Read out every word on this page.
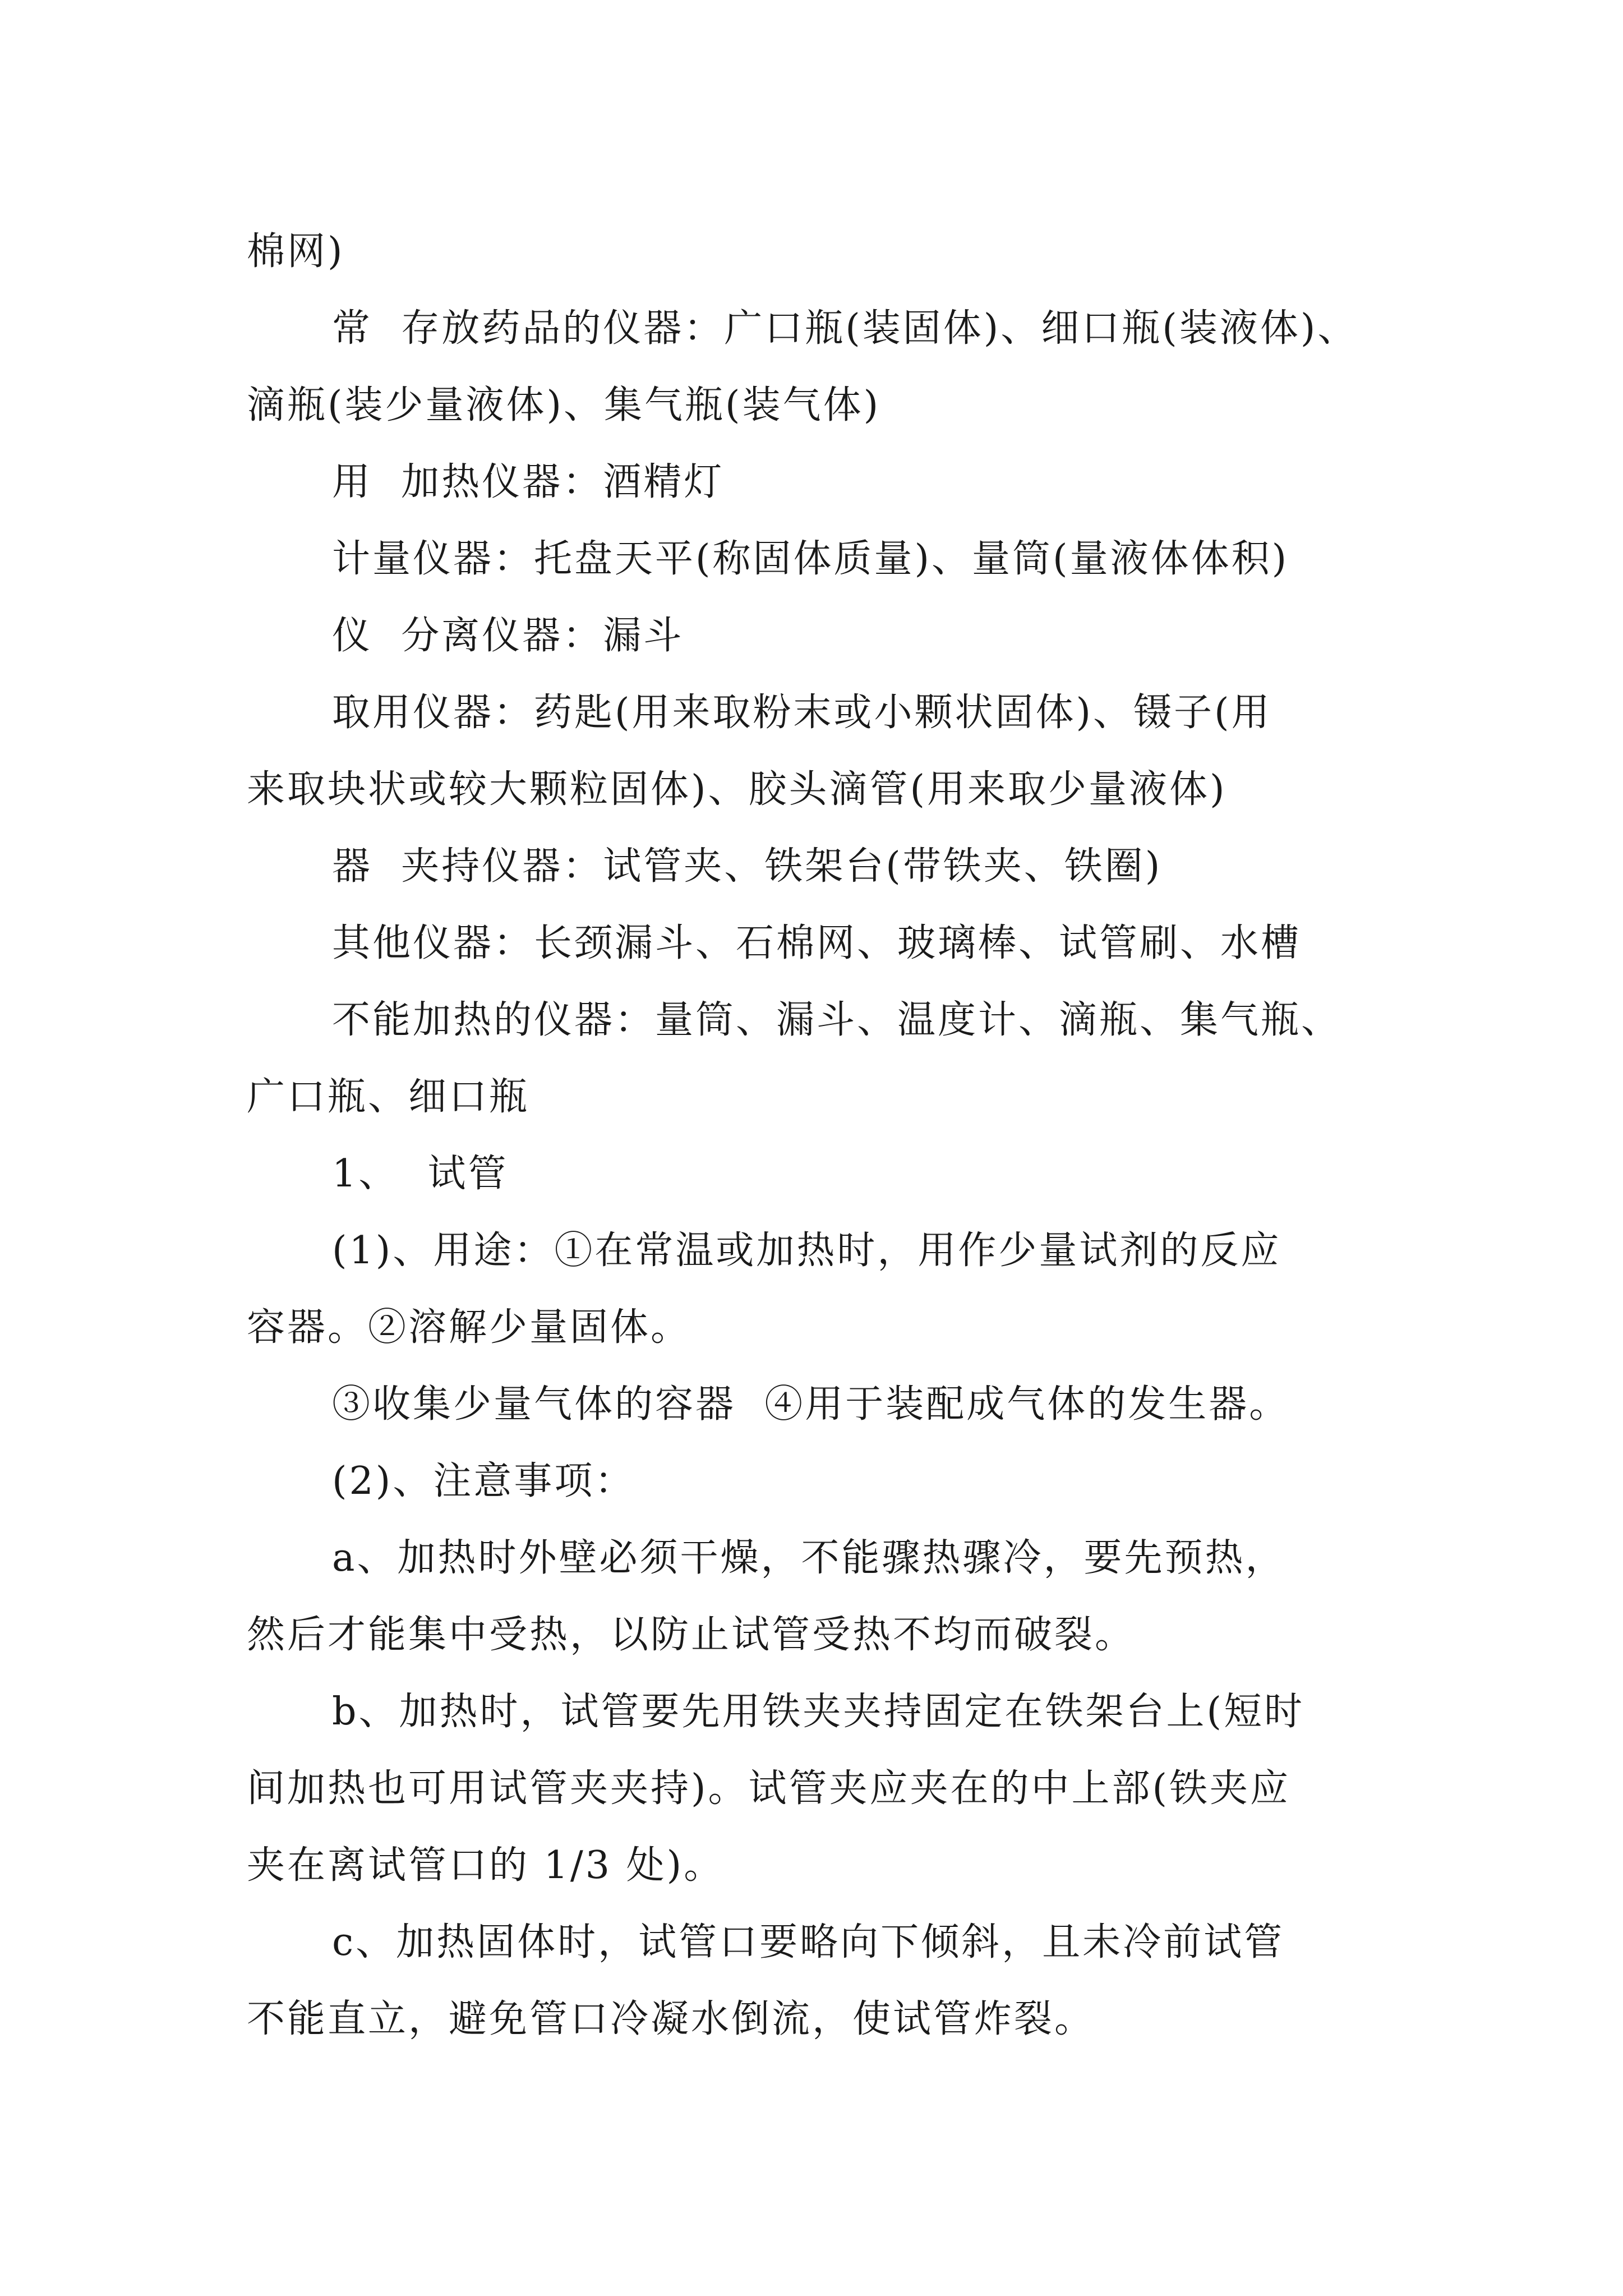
棉网)
常  存放药品的仪器：广口瓶(装固体)、细口瓶(装液体)、
滴瓶(装少量液体)、集气瓶(装气体)
用  加热仪器：酒精灯
计量仪器：托盘天平(称固体质量)、量筒(量液体体积)
仪  分离仪器：漏斗
取用仪器：药匙(用来取粉末或小颗状固体)、镊子(用
来取块状或较大颗粒固体)、胶头滴管(用来取少量液体)
器  夹持仪器：试管夹、铁架台(带铁夹、铁圈)
其他仪器：长颈漏斗、石棉网、玻璃棒、试管刷、水槽
不能加热的仪器：量筒、漏斗、温度计、滴瓶、集气瓶、
广口瓶、细口瓶
1、  试管
(1)、用途：①在常温或加热时，用作少量试剂的反应
容器。②溶解少量固体。
③收集少量气体的容器  ④用于装配成气体的发生器。
(2)、注意事项：
a、加热时外壁必须干燥，不能骤热骤冷，要先预热，
然后才能集中受热，以防止试管受热不均而破裂。
b、加热时，试管要先用铁夹夹持固定在铁架台上(短时
间加热也可用试管夹夹持)。试管夹应夹在的中上部(铁夹应
夹在离试管口的 1/3 处)。
c、加热固体时，试管口要略向下倾斜，且未冷前试管
不能直立，避免管口冷凝水倒流，使试管炸裂。
